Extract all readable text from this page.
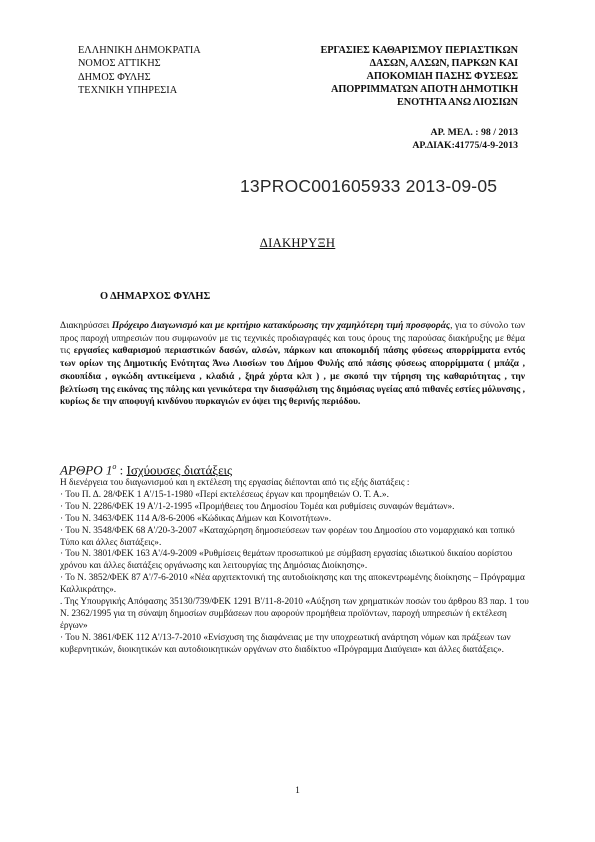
ΕΛΛΗΝΙΚΗ ΔΗΜΟΚΡΑΤΙΑ
ΝΟΜΟΣ ΑΤΤΙΚΗΣ
ΔΗΜΟΣ ΦΥΛΗΣ
ΤΕΧΝΙΚΗ ΥΠΗΡΕΣΙΑ
ΕΡΓΑΣΙΕΣ ΚΑΘΑΡΙΣΜΟΥ ΠΕΡΙΑΣΤΙΚΩΝ
ΔΑΣΩΝ, ΑΛΣΩΝ, ΠΑΡΚΩΝ ΚΑΙ
ΑΠΟΚΟΜΙΔΗ ΠΑΣΗΣ ΦΥΣΕΩΣ
ΑΠΟΡΡΙΜΜΑΤΩΝ ΑΠΟΤΗ ΔΗΜΟΤΙΚΗ
ΕΝΟΤΗΤΑ ΑΝΩ ΛΙΟΣΙΩΝ
ΑΡ. ΜΕΛ. : 98 / 2013
ΑΡ.ΔΙΑΚ:41775/4-9-2013
13PROC001605933 2013-09-05
ΔΙΑΚΗΡΥΞΗ
Ο ΔΗΜΑΡΧΟΣ ΦΥΛΗΣ
Διακηρύσσει Πρόχειρο Διαγωνισμό και με κριτήριο κατακύρωσης την χαμηλότερη τιμή προσφοράς, για το σύνολο των προς παροχή υπηρεσιών που συμφωνούν με τις τεχνικές προδιαγραφές και τους όρους της παρούσας διακήρυξης με θέμα τις εργασίες καθαρισμού περιαστικών δασών, αλσών, πάρκων και αποκομιδή πάσης φύσεως απορρίμματα εντός των ορίων της Δημοτικής Ενότητας Άνω Λιοσίων του Δήμου Φυλής από πάσης φύσεως απορρίμματα ( μπάζα , σκουπίδια , ογκώδη αντικείμενα , κλαδιά , ξηρά χόρτα κλπ ) , με σκοπό την τήρηση της καθαριότητας , την βελτίωση της εικόνας της πόλης και γενικότερα την διασφάλιση της δημόσιας υγείας από πιθανές εστίες μόλυνσης , κυρίως δε την αποφυγή κινδύνου πυρκαγιών εν όψει της θερινής περιόδου.
ΑΡΘΡΟ $1^o$ : Ισχύουσες διατάξεις

Η διενέργεια του διαγωνισμού και η εκτέλεση της εργασίας διέπονται από τις εξής διατάξεις :

· Του Π. Δ. 28/ΦΕΚ 1 Α'/15-1-1980 «Περί εκτελέσεως έργων και προμηθειών Ο. Τ. Α.».

· Του Ν. 2286/ΦΕΚ 19 Α'/1-2-1995 «Προμήθειες του Δημοσίου Τομέα και ρυθμίσεις συναφών θεμάτων».

· Του Ν. 3463/ΦΕΚ 114 Α/8-6-2006 «Κώδικας Δήμων και Κοινοτήτων».

· Του Ν. 3548/ΦΕΚ 68 Α'/20-3-2007 «Καταχώρηση δημοσιεύσεων των φορέων του Δημοσίου στο νομαρχιακό και τοπικό Τύπο και άλλες διατάξεις».

· Του Ν. 3801/ΦΕΚ 163 Α'/4-9-2009 «Ρυθμίσεις θεμάτων προσωπικού με σύμβαση εργασίας ιδιωτικού δικαίου αορίστου χρόνου και άλλες διατάξεις οργάνωσης και λειτουργίας της Δημόσιας Διοίκησης».

· Το Ν. 3852/ΦΕΚ 87 Α'/7-6-2010 «Νέα αρχιτεκτονική της αυτοδιοίκησης και της αποκεντρωμένης διοίκησης – Πρόγραμμα Καλλικράτης».

. Της Υπουργικής Απόφασης 35130/739/ΦΕΚ 1291 Β'/11-8-2010 «Αύξηση των χρηματικών ποσών του άρθρου 83 παρ. 1 του Ν. 2362/1995 για τη σύναψη δημοσίων συμβάσεων που αφορούν προμήθεια προϊόντων, παροχή υπηρεσιών ή εκτέλεση έργων»

· Του Ν. 3861/ΦΕΚ 112 Α'/13-7-2010 «Ενίσχυση της διαφάνειας με την υποχρεωτική ανάρτηση νόμων και πράξεων των κυβερνητικών, διοικητικών και αυτοδιοικητικών οργάνων στο διαδίκτυο «Πρόγραμμα Διαύγεια» και άλλες διατάξεις».

1
